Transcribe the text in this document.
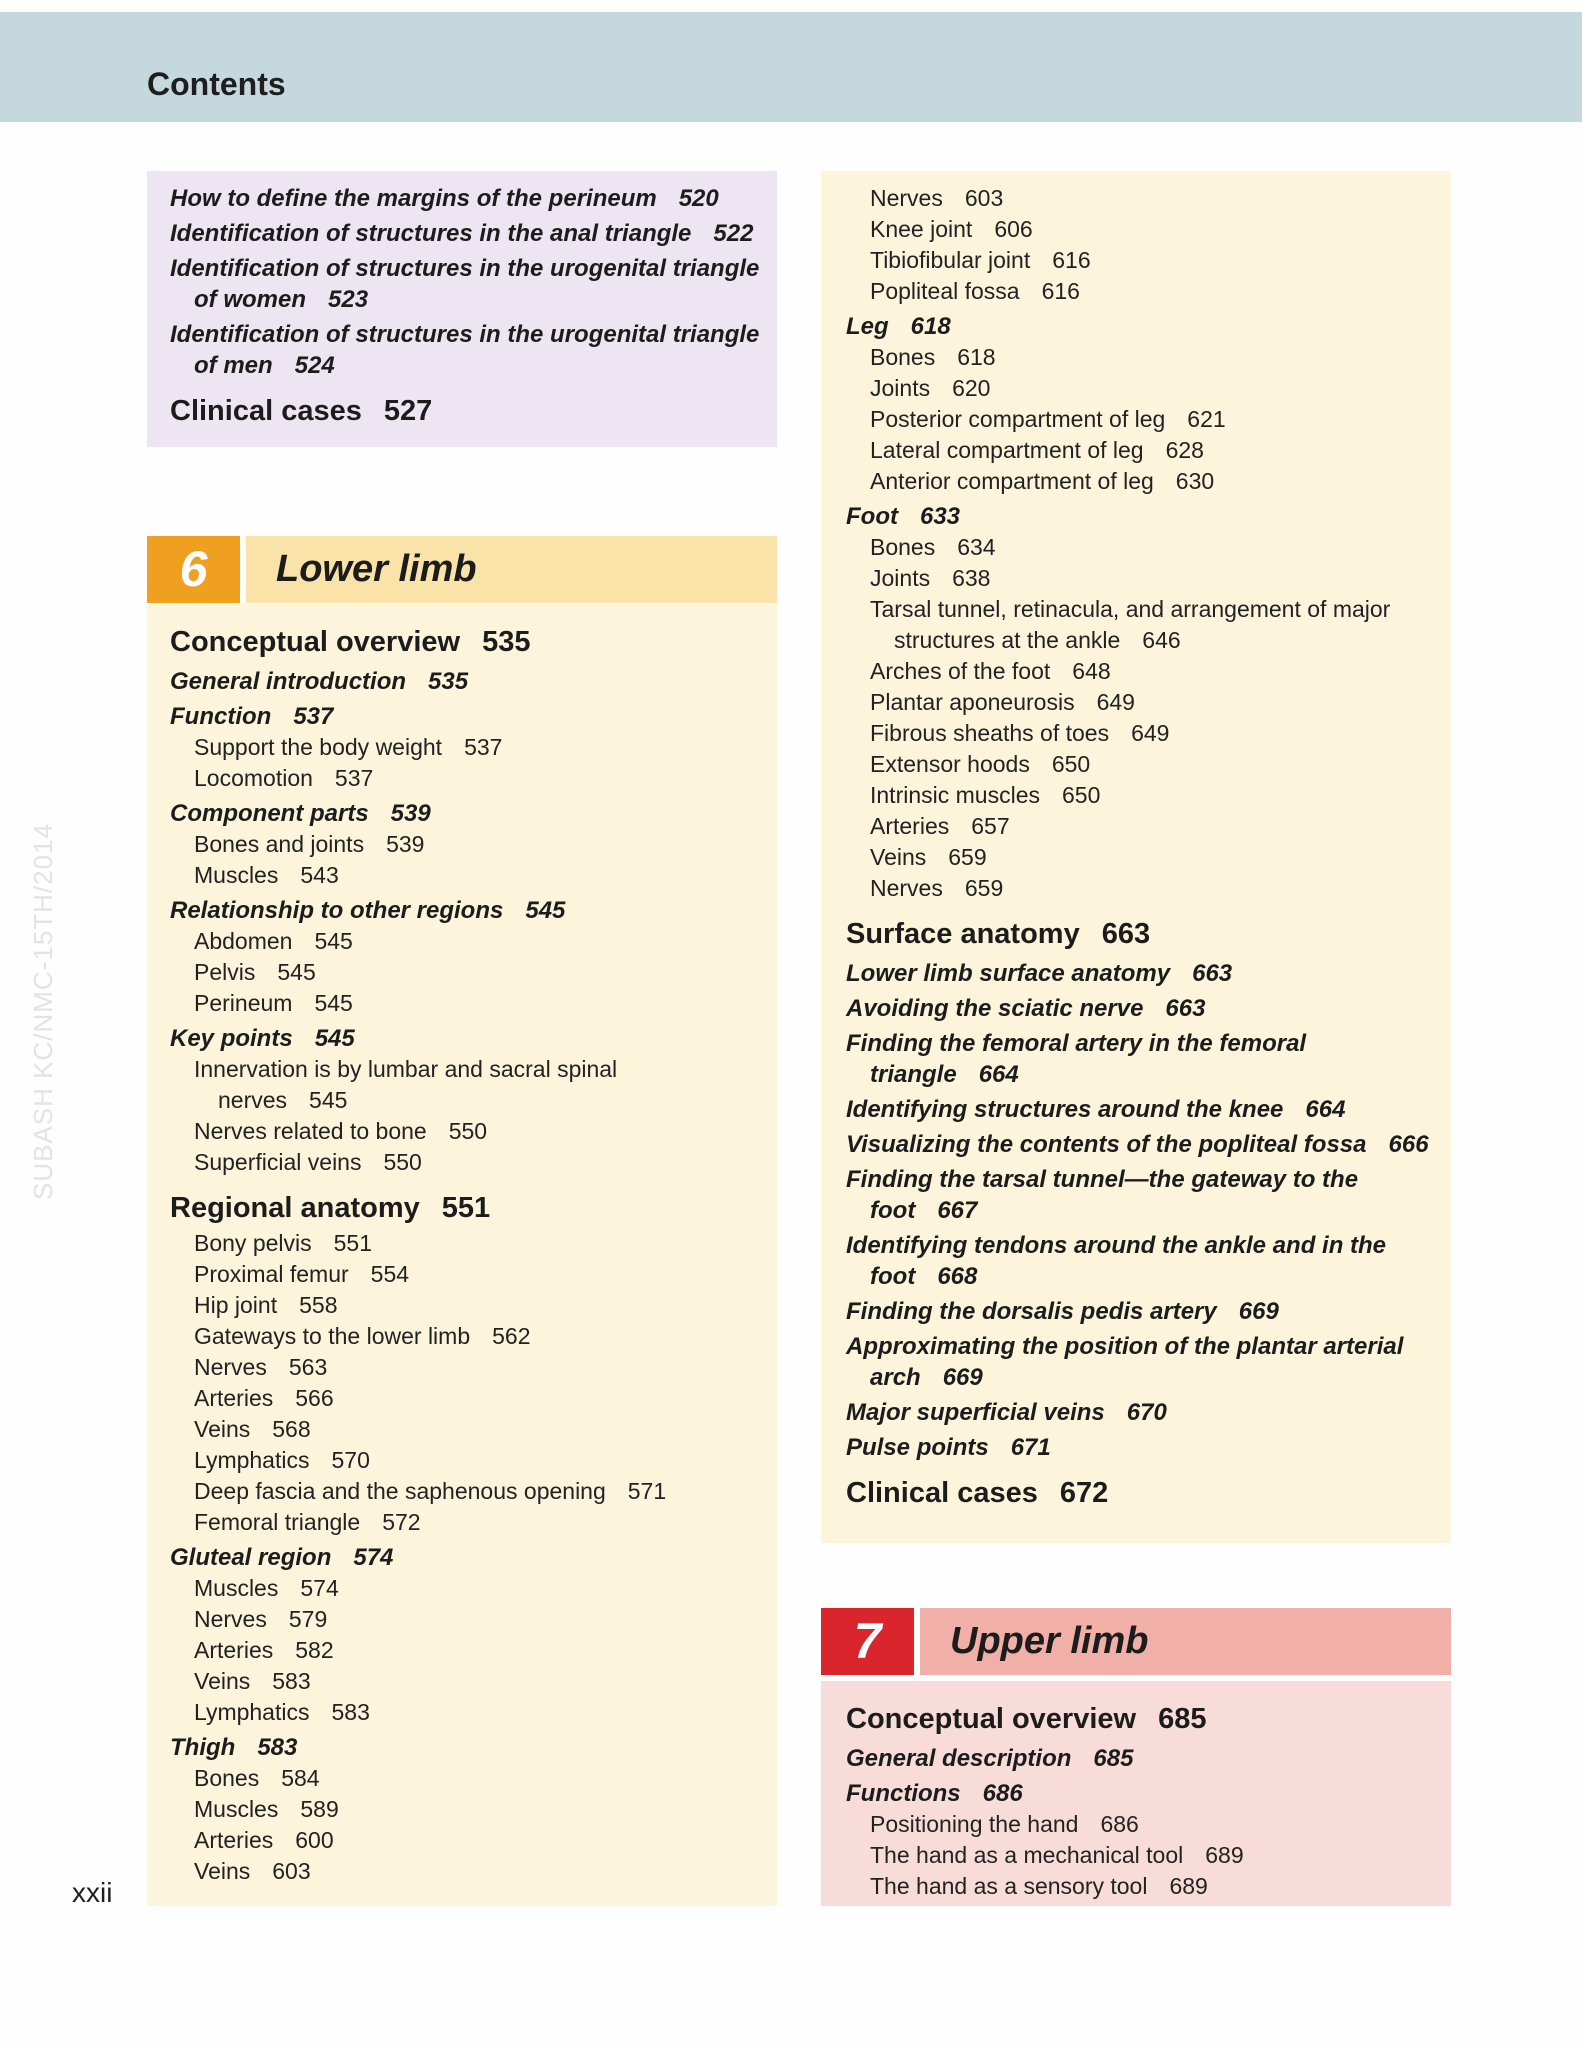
Contents
SUBASH KC/NMC-15TH/2014
xxii
How to define the margins of the perineum 520
Identification of structures in the anal triangle 522
Identification of structures in the urogenital triangle
of women 523
Identification of structures in the urogenital triangle
of men 524
Clinical cases 527
6	Lower limb
Conceptual overview 535
General introduction 535
Function 537
Support the body weight 537
Locomotion 537
Component parts 539
Bones and joints 539
Muscles 543
Relationship to other regions 545
Abdomen 545
Pelvis 545
Perineum 545
Key points 545
Innervation is by lumbar and sacral spinal
nerves 545
Nerves related to bone 550
Superficial veins 550
Regional anatomy 551
Bony pelvis 551
Proximal femur 554
Hip joint 558
Gateways to the lower limb 562
Nerves 563
Arteries 566
Veins 568
Lymphatics 570
Deep fascia and the saphenous opening 571
Femoral triangle 572
Gluteal region 574
Muscles 574
Nerves 579
Arteries 582
Veins 583
Lymphatics 583
Thigh 583
Bones 584
Muscles 589
Arteries 600
Veins 603
Nerves 603
Knee joint 606
Tibiofibular joint 616
Popliteal fossa 616
Leg 618
Bones 618
Joints 620
Posterior compartment of leg 621
Lateral compartment of leg 628
Anterior compartment of leg 630
Foot 633
Bones 634
Joints 638
Tarsal tunnel, retinacula, and arrangement of major
structures at the ankle 646
Arches of the foot 648
Plantar aponeurosis 649
Fibrous sheaths of toes 649
Extensor hoods 650
Intrinsic muscles 650
Arteries 657
Veins 659
Nerves 659
Surface anatomy 663
Lower limb surface anatomy 663
Avoiding the sciatic nerve 663
Finding the femoral artery in the femoral
triangle 664
Identifying structures around the knee 664
Visualizing the contents of the popliteal fossa 666
Finding the tarsal tunnel—the gateway to the
foot 667
Identifying tendons around the ankle and in the
foot 668
Finding the dorsalis pedis artery 669
Approximating the position of the plantar arterial
arch 669
Major superficial veins 670
Pulse points 671
Clinical cases 672
7	Upper limb
Conceptual overview 685
General description 685
Functions 686
Positioning the hand 686
The hand as a mechanical tool 689
The hand as a sensory tool 689
